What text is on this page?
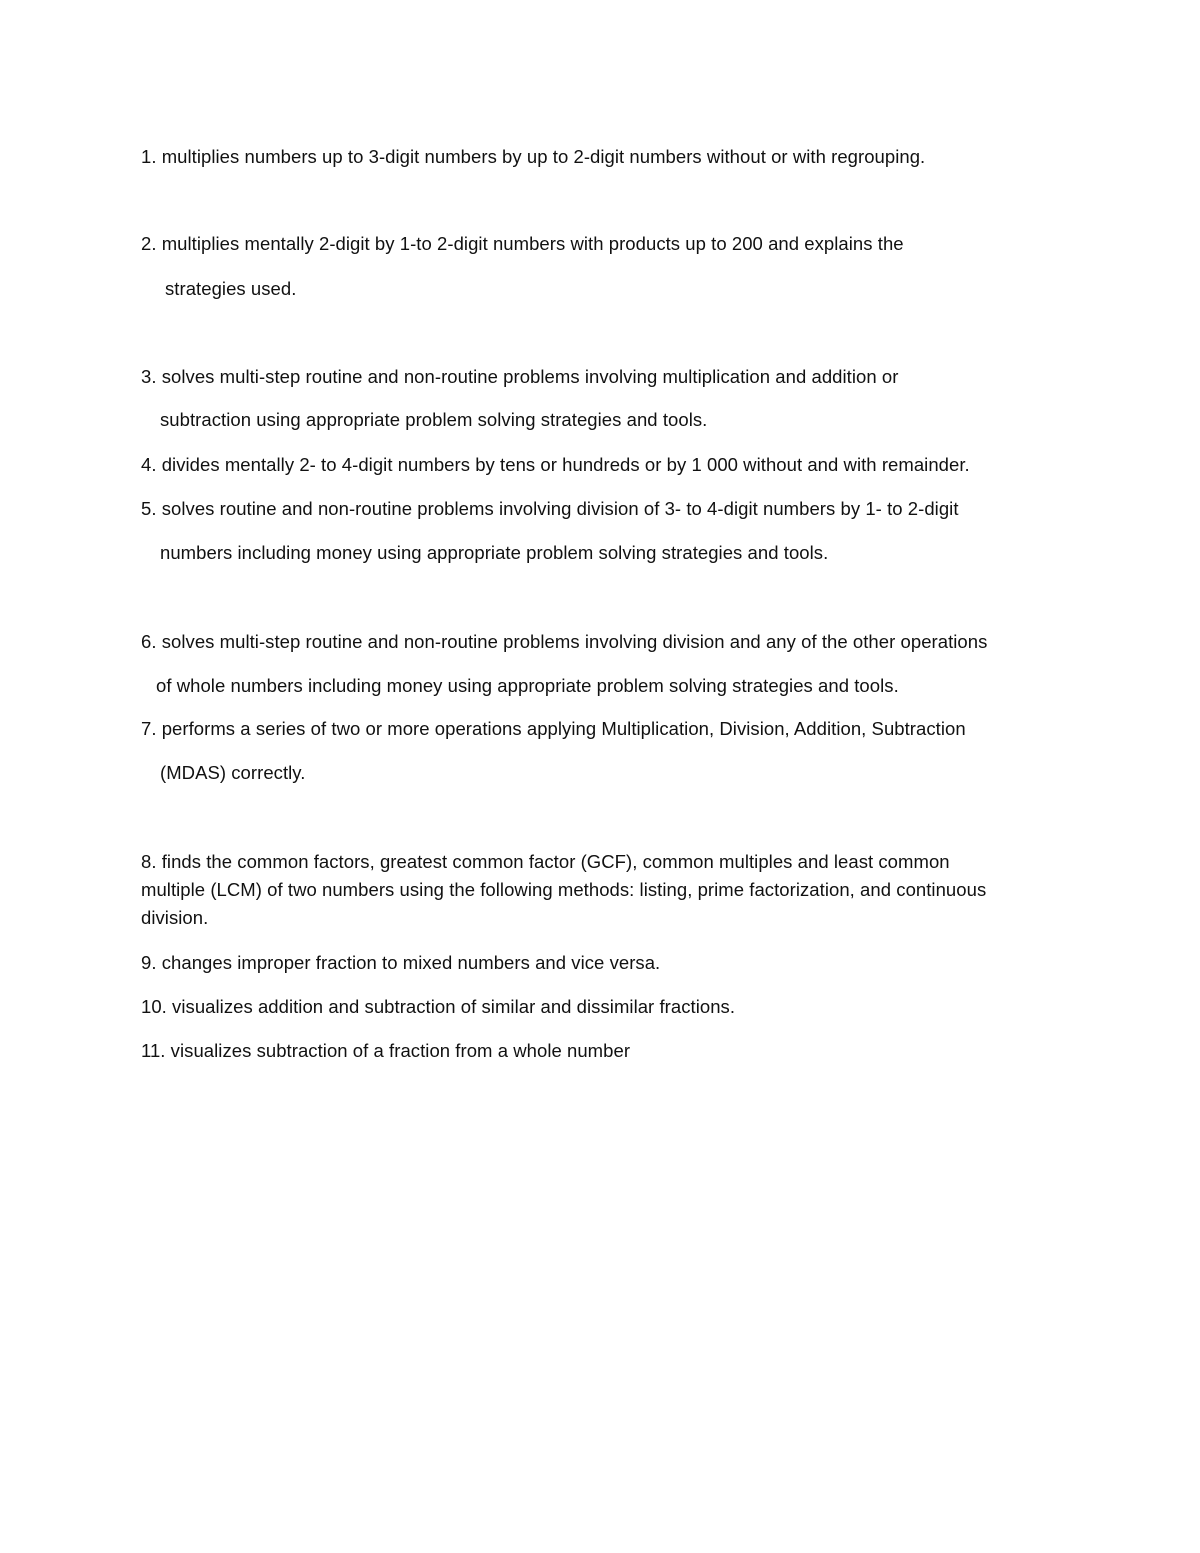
1. multiplies numbers up to 3-digit numbers by up to 2-digit numbers without or with regrouping.
2. multiplies mentally 2-digit by 1-to 2-digit numbers with products up to 200 and explains the
strategies used.
3. solves multi-step routine and non-routine problems involving multiplication and addition or
subtraction using appropriate problem solving strategies and tools.
4. divides mentally 2- to 4-digit numbers by tens or hundreds or by 1 000 without and with remainder.
5. solves routine and non-routine problems involving division of 3- to 4-digit numbers by 1- to 2-digit
numbers including money using appropriate problem solving strategies and tools.
6. solves multi-step routine and non-routine problems involving division and any of the other operations
of whole numbers including money using appropriate problem solving strategies and tools.
7. performs a series of two or more operations applying Multiplication, Division, Addition, Subtraction
(MDAS) correctly.
8. finds the common factors, greatest common factor (GCF), common multiples and least common
multiple (LCM) of two numbers using the following methods: listing, prime factorization, and continuous
division.
9. changes improper fraction to mixed numbers and vice versa.
10. visualizes addition and subtraction of similar and dissimilar fractions.
11. visualizes subtraction of a fraction from a whole number
